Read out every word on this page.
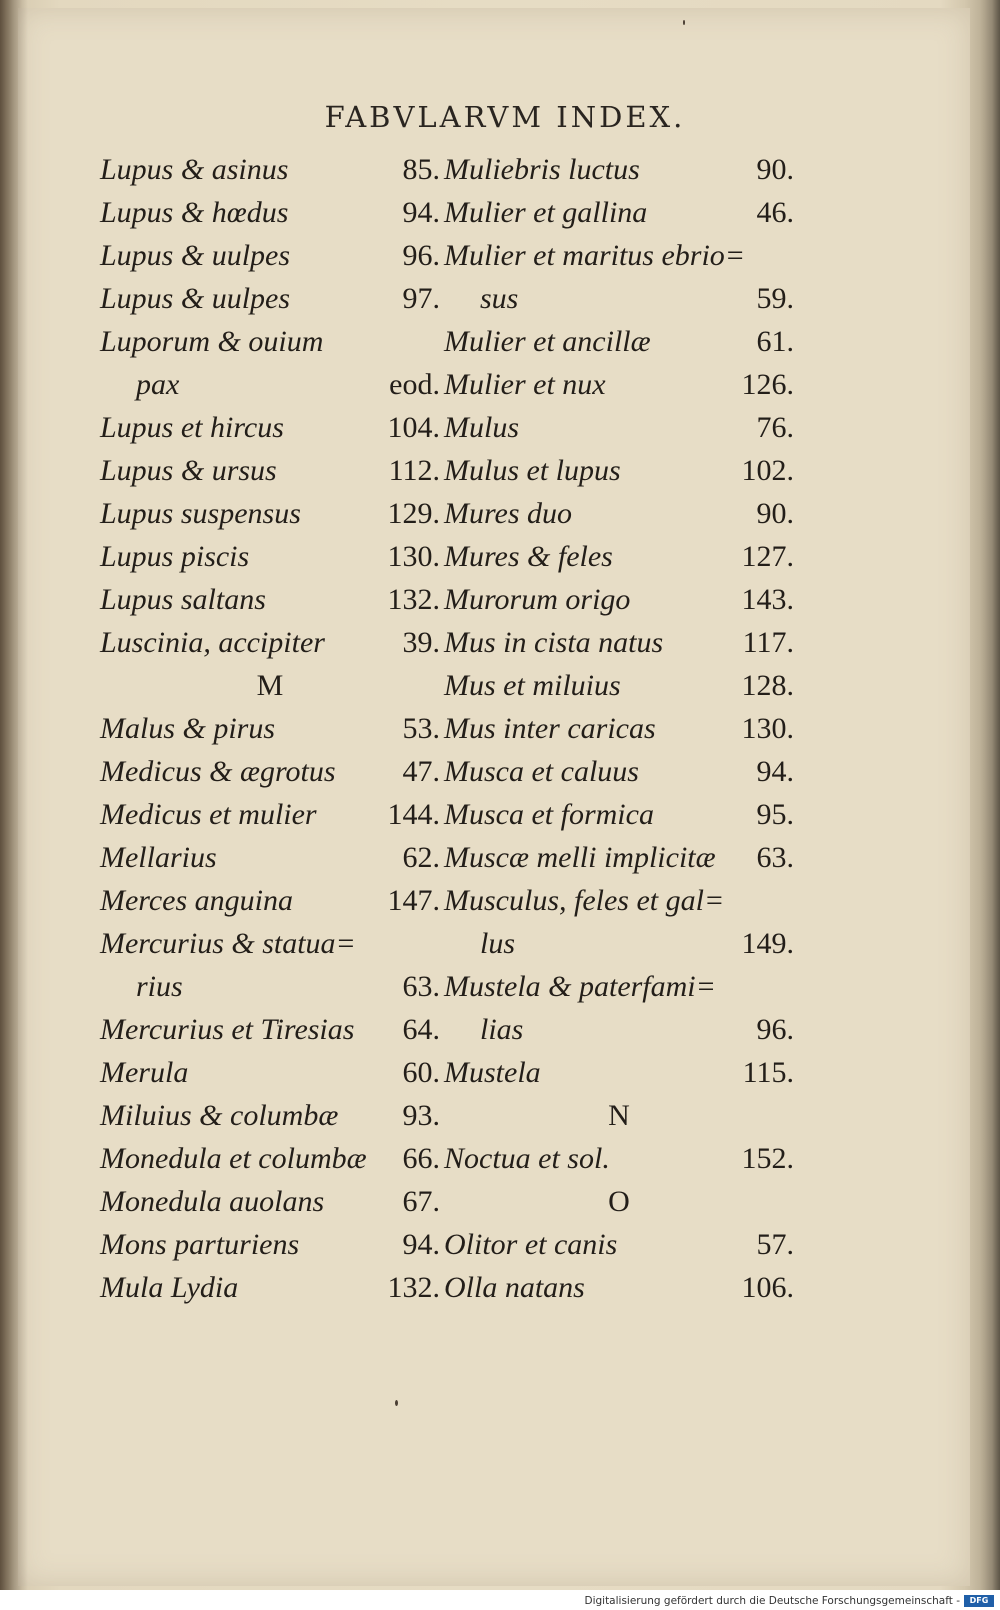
FABVLARVM INDEX.
Lupus & asinus	85.
Lupus & hœdus	94.
Lupus & uulpes	96.
Lupus & uulpes	97.
Luporum & ouium
pax	eod.
Lupus et hircus	104.
Lupus & ursus	112.
Lupus suspensus	129.
Lupus piscis	130.
Lupus saltans	132.
Luscinia, accipiter	39.
M
Malus & pirus	53.
Medicus & ægrotus 47.
Medicus et mulier 144.
Mellarius	62.
Merces anguina	147.
Mercurius & statua=
rius	63.
Mercurius et Tiresias 64.
Merula	60.
Miluius & columbæ 93.
Monedula et columbæ 66.
Monedula auolans	67.
Mons parturiens	94.
Mula Lydia	132.
Muliebris luctus	90.
Mulier et gallina	46.
Mulier et maritus ebrio=
sus	59.
Mulier et ancillæ	61.
Mulier et nux	126.
Mulus	76.
Mulus et lupus	102.
Mures duo	90.
Mures & feles	127.
Murorum origo	143.
Mus in cista natus	117.
Mus et miluius	128.
Mus inter caricas	130.
Musca et caluus	94.
Musca et formica	95.
Muscæ melli implicitæ 63.
Musculus, feles et gal=
lus	149.
Mustela & paterfami=
lias	96.
Mustela	115.
N
Noctua et sol.	152.
O
Olitor et canis	57.
Olla natans	106.
Digitalisierung gefördert durch die Deutsche Forschungsgemeinschaft -	DFG
